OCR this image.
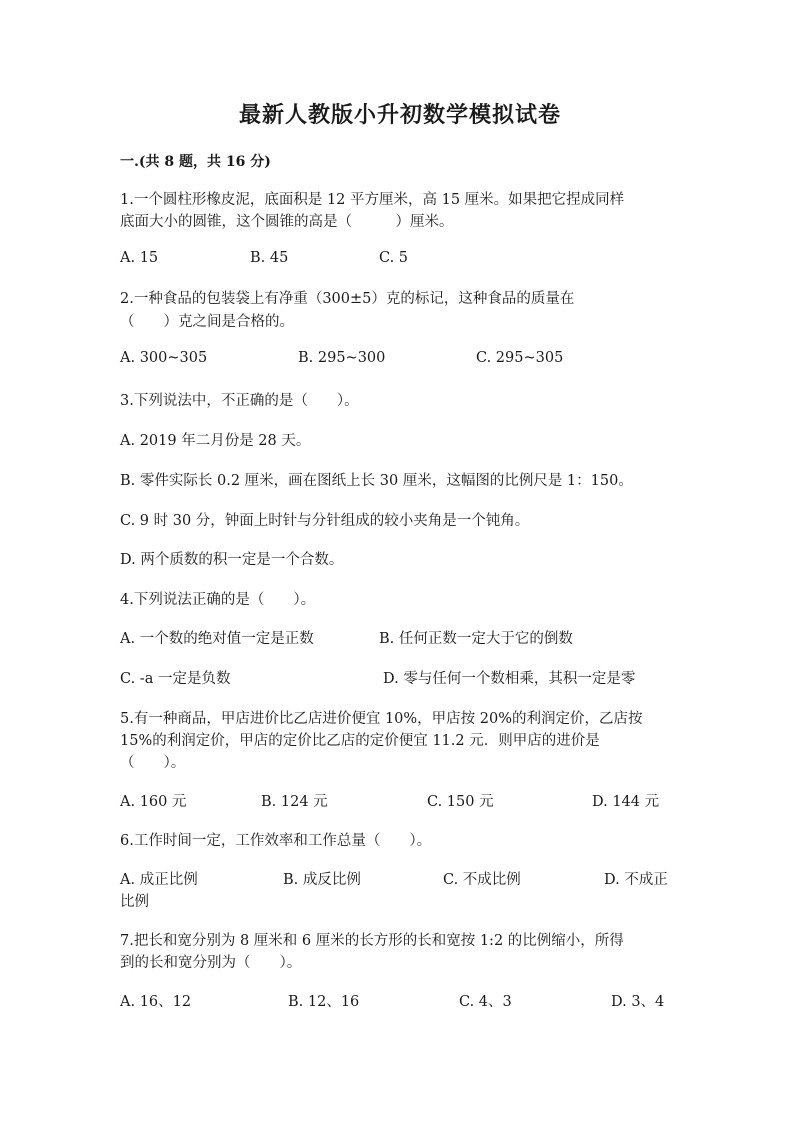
最新人教版小升初数学模拟试卷
一.(共 8 题，共 16 分)
1.一个圆柱形橡皮泥，底面积是 12 平方厘米，高 15 厘米。如果把它捏成同样
底面大小的圆锥，这个圆锥的高是（　　　）厘米。
A. 15	B. 45	C. 5
2.一种食品的包装袋上有净重（300±5）克的标记，这种食品的质量在
（　　）克之间是合格的。
A. 300~305	B. 295~300	C. 295~305
3.下列说法中，不正确的是（　　）。
A. 2019 年二月份是 28 天。
B. 零件实际长 0.2 厘米，画在图纸上长 30 厘米，这幅图的比例尺是 1：150。
C. 9 时 30 分，钟面上时针与分针组成的较小夹角是一个钝角。
D. 两个质数的积一定是一个合数。
4.下列说法正确的是（　　）。
A. 一个数的绝对值一定是正数	B. 任何正数一定大于它的倒数
C. -a 一定是负数	D. 零与任何一个数相乘，其积一定是零
5.有一种商品，甲店进价比乙店进价便宜 10%，甲店按 20%的利润定价，乙店按
15%的利润定价，甲店的定价比乙店的定价便宜 11.2 元．则甲店的进价是
（　　）。
A. 160 元	B. 124 元	C. 150 元	D. 144 元
6.工作时间一定，工作效率和工作总量（　　）。
A. 成正比例	B. 成反比例	C. 不成比例	D. 不成正
比例
7.把长和宽分别为 8 厘米和 6 厘米的长方形的长和宽按 1:2 的比例缩小，所得
到的长和宽分别为（　　）。
A. 16、12	B. 12、16	C. 4、3	D. 3、4
